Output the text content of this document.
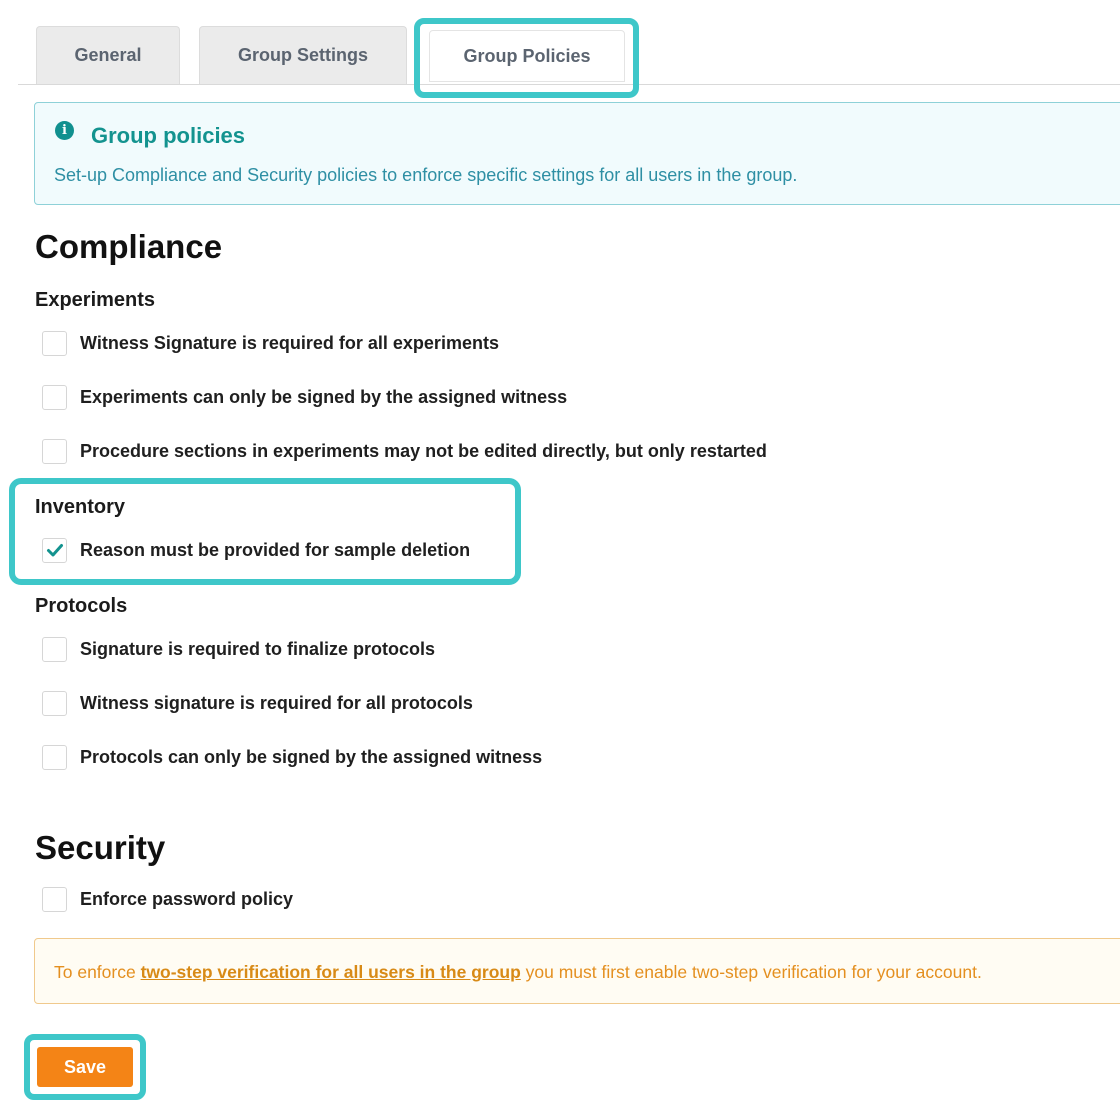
General	Group Settings	Group Policies
i	Group policies
Set-up Compliance and Security policies to enforce specific settings for all users in the group.
Compliance
Experiments
Witness Signature is required for all experiments
Experiments can only be signed by the assigned witness
Procedure sections in experiments may not be edited directly, but only restarted
Inventory
Reason must be provided for sample deletion
Protocols
Signature is required to finalize protocols
Witness signature is required for all protocols
Protocols can only be signed by the assigned witness
Security
Enforce password policy
To enforce two-step verification for all users in the group you must first enable two-step verification for your account.
Save
